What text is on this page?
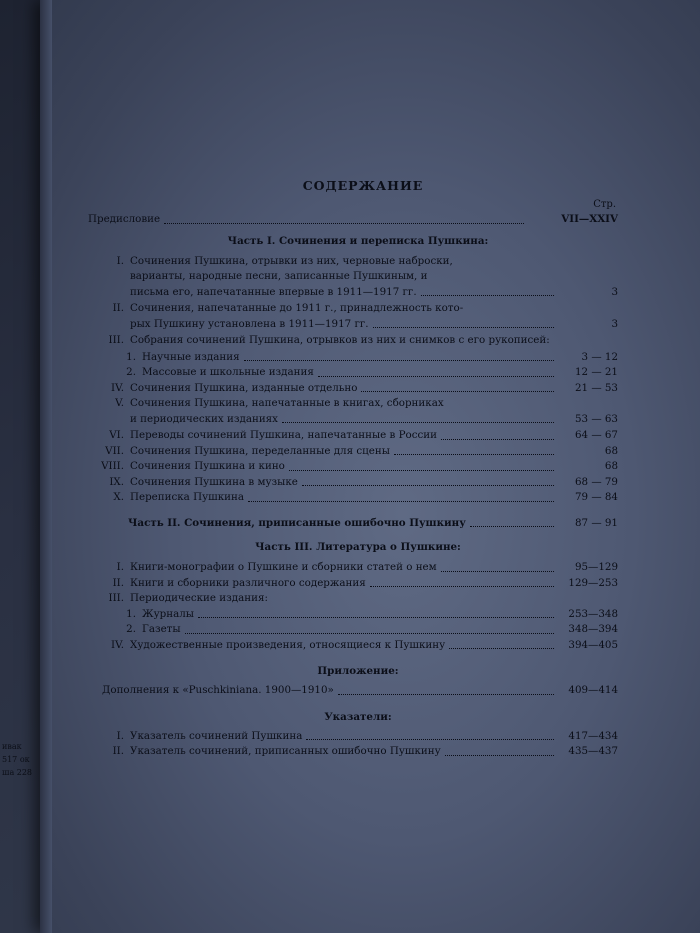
ивак
517 ок
ша 228
СОДЕРЖАНИЕ
Стр.
Предисловие	VII—XXIV
Часть I. Сочинения и переписка Пушкина:
I. Сочинения Пушкина, отрывки из них, черновые наброски,
варианты, народные песни, записанные Пушкиным, и
письма его, напечатанные впервые в 1911—1917 гг.	3
II. Сочинения, напечатанные до 1911 г., принадлежность кото-
рых Пушкину установлена в 1911—1917 гг.	3
III. Собрания сочинений Пушкина, отрывков из них и снимков с его рукописей:
1. Научные издания	3 — 12
2. Массовые и школьные издания	12 — 21
IV. Сочинения Пушкина, изданные отдельно	21 — 53
V. Сочинения Пушкина, напечатанные в книгах, сборниках
и периодических изданиях	53 — 63
VI. Переводы сочинений Пушкина, напечатанные в России	64 — 67
VII. Сочинения Пушкина, переделанные для сцены	68
VIII. Сочинения Пушкина и кино	68
IX. Сочинения Пушкина в музыке	68 — 79
X. Переписка Пушкина	79 — 84
Часть II. Сочинения, приписанные ошибочно Пушкину	87 — 91
Часть III. Литература о Пушкине:
I. Книги-монографии о Пушкине и сборники статей о нем	95—129
II. Книги и сборники различного содержания	129—253
III. Периодические издания:
1. Журналы	253—348
2. Газеты	348—394
IV. Художественные произведения, относящиеся к Пушкину	394—405
Приложение:
Дополнения к «Puschkiniana. 1900—1910»	409—414
Указатели:
I. Указатель сочинений Пушкина	417—434
II. Указатель сочинений, приписанных ошибочно Пушкину	435—437
